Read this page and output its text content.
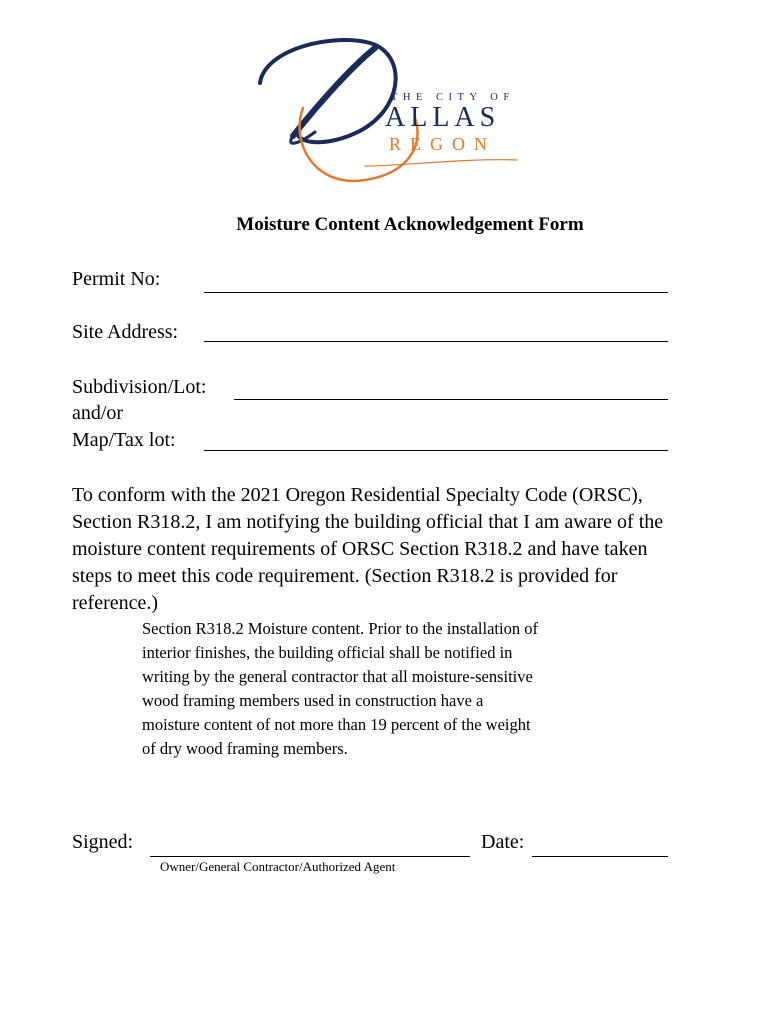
THE CITY OF
ALLAS
REGON
Moisture Content Acknowledgement Form
Permit No:
Site Address:
Subdivision/Lot:
and/or
Map/Tax lot:

To conform with the 2021 Oregon Residential Specialty Code (ORSC),

Section R318.2, I am notifying the building official that I am aware of the

moisture content requirements of ORSC Section R318.2 and have taken

steps to meet this code requirement. (Section R318.2 is provided for

reference.)

Section R318.2 Moisture content. Prior to the installation of
interior finishes, the building official shall be notified in
writing by the general contractor that all moisture-sensitive
wood framing members used in construction have a
moisture content of not more than 19 percent of the weight
of dry wood framing members.
Signed:	Date:
Owner/General Contractor/Authorized Agent
